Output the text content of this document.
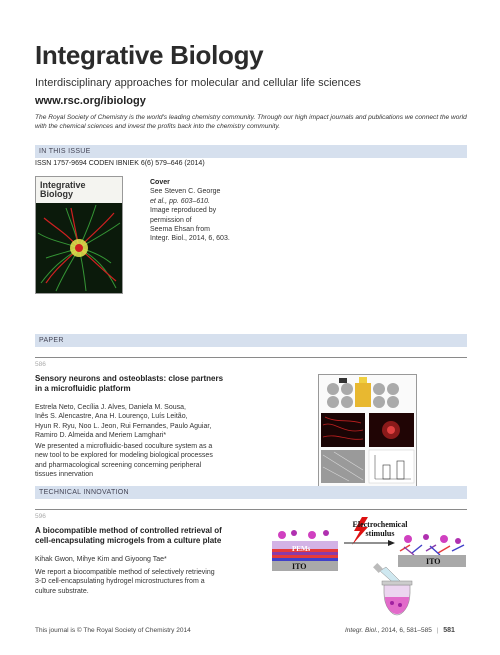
Integrative Biology
Interdisciplinary approaches for molecular and cellular life sciences
www.rsc.org/ibiology
The Royal Society of Chemistry is the world's leading chemistry community. Through our high impact journals and publications we connect the world with the chemical sciences and invest the profits back into the chemistry community.
IN THIS ISSUE
ISSN 1757-9694 CODEN IBNIEK 6(6) 579–646 (2014)
Integrative
Biology
Cover
See Steven C. George
et al., pp. 603–610.
Image reproduced by
permission of
Seema Ehsan from
Integr. Biol., 2014, 6, 603.
PAPER
586
Sensory neurons and osteoblasts: close partners
in a microfluidic platform
Estrela Neto, Cecília J. Alves, Daniela M. Sousa,
Inês S. Alencastre, Ana H. Lourenço, Luís Leitão,
Hyun R. Ryu, Noo L. Jeon, Rui Fernandes, Paulo Aguiar,
Ramiro D. Almeida and Meriem Lamghari*
We presented a microfluidic-based coculture system as a
new tool to be explored for modeling biological processes
and pharmacological screening concerning peripheral
tissues innervation
TECHNICAL INNOVATION
596
A biocompatible method of controlled retrieval of
cell-encapsulating microgels from a culture plate
Kihak Gwon, Mihye Kim and Giyoong Tae*
We report a biocompatible method of selectively retrieving
3-D cell-encapsulating hydrogel microstructures from a
culture substrate.
Electrochemical
stimulus
PEMs
ITO
ITO
This journal is © The Royal Society of Chemistry 2014	Integr. Biol., 2014, 6, 581–585 | 581
